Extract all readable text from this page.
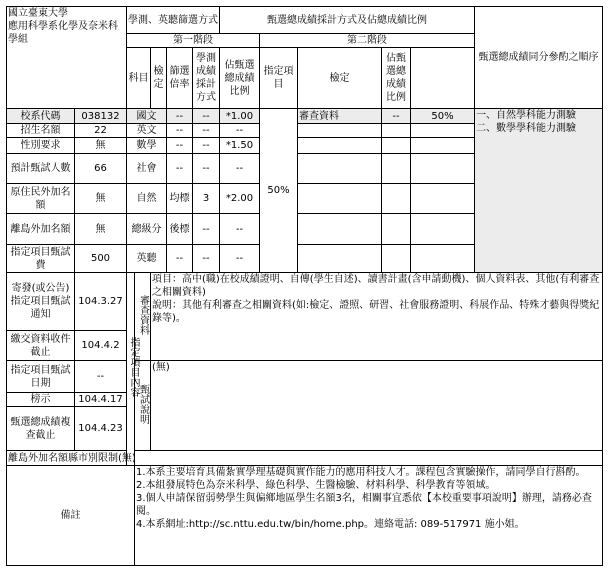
國立臺東大學
應用科學系化學及奈米科學組		學測、英聽篩選方式					甄選總成績採計方式及佔總成績比例					甄選總成績同分參酌之順序
		第一階段						第二階段				
		科目		檢定	篩選倍率	學測成績採計方式	佔甄選總成績比例	指定項目	檢定	佔甄選總成績比例		
校系代碼	038132	國文			--	--	*1.00	50%	審查資料	--	50%	一、自然學科能力測驗
二、數學學科能力測驗
招生名額	22	英文			--	--	--					
性別要求	無	數學			--	--	*1.50					
預計甄試人數	66	社會			--	--	--					
原住民外加名額	無	自然			均標	3	*2.00					
離島外加名額	無	總級分			後標	--	--					
指定項目甄試費	500	英聽			--	--	--					
寄發(或公告)指定項目甄試通知	104.3.27	指定項目內容	審查資料	項目：高中(職)在校成績證明、自傳(學生自述)、讀書計畫(含申請動機)、個人資料表、其他(有利審查之相關資料)
說明：其他有利審查之相關資料(如:檢定、證照、研習、社會服務證明、科展作品、特殊才藝與得獎紀錄等)。								
繳交資料收件截止	104.4.2											
指定項目甄試日期	--		甄試說明	(無)								
榜示	104.4.17											
甄選總成績複查截止	104.4.23											
離島外加名額縣市別限制(無)												
備註			1.本系主要培育具備紮實學理基礎與實作能力的應用科技人才。課程包含實驗操作，請同學自行斟酌。
2.本組發展特色為奈米科學、綠色科學、生醫檢驗、材料科學、科學教育等領域。
3.個人申請保留弱勢學生與偏鄉地區學生名額3名，相關事宜悉依【本校重要事項說明】辦理，請務必查閱。
4.本系網址:http://sc.nttu.edu.tw/bin/home.php。連絡電話: 089-517971 施小姐。									
